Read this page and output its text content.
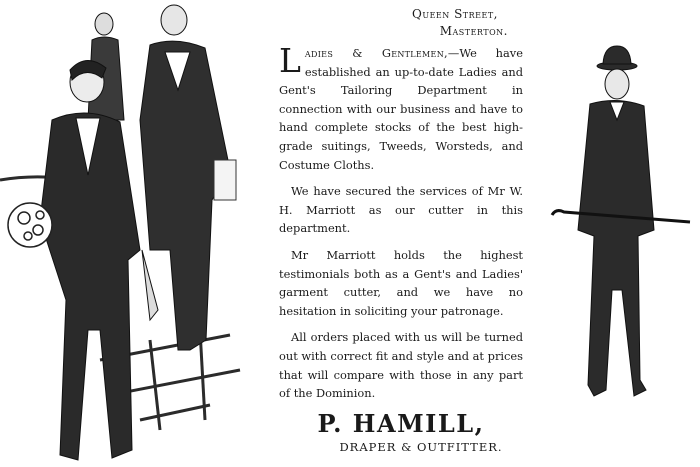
Queen Street,
Masterton.

Ladies & Gentlemen,—We have established an up-to-date Ladies and Gent's Tailoring Department in connection with our business and have to hand complete stocks of the best high-grade suitings, Tweeds, Worsteds, and Costume Cloths.

We have secured the services of Mr W. H. Marriott as our cutter in this department.

Mr Marriott holds the highest testimonials both as a Gent's and Ladies' garment cutter, and we have no hesitation in soliciting your patronage.

All orders placed with us will be turned out with correct fit and style and at prices that will compare with those in any part of the Dominion.

P. HAMILL,
DRAPER & OUTFITTER.
